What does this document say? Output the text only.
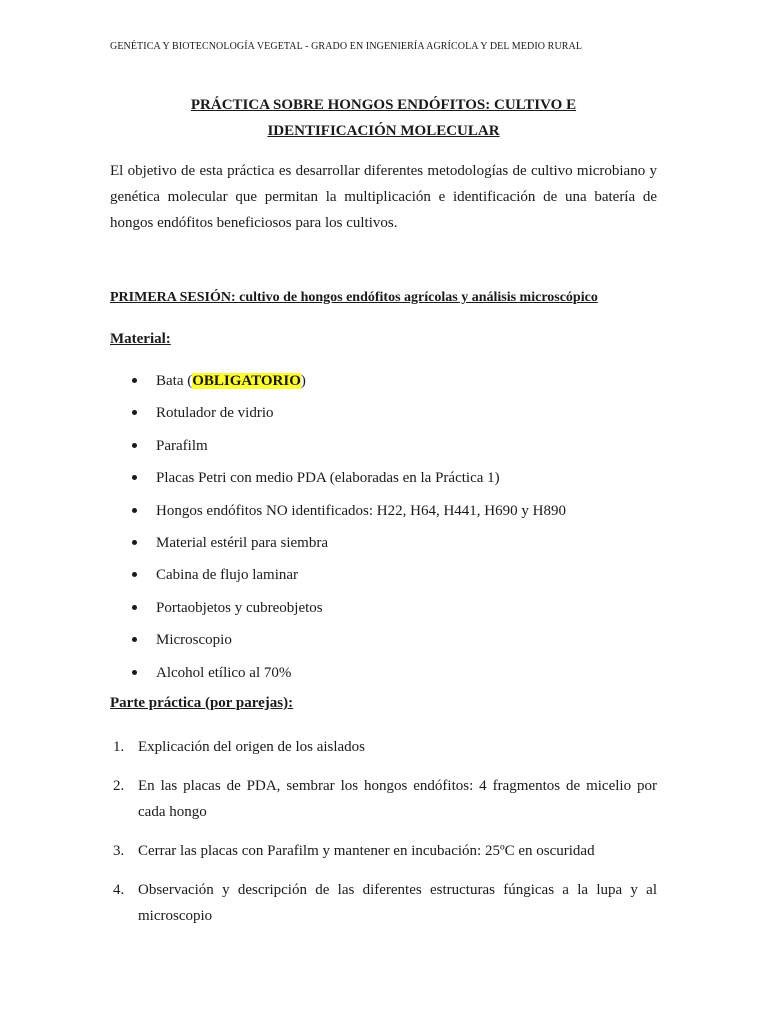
GENÉTICA Y BIOTECNOLOGÍA VEGETAL - GRADO EN INGENIERÍA AGRÍCOLA Y DEL MEDIO RURAL
PRÁCTICA SOBRE HONGOS ENDÓFITOS: CULTIVO E
IDENTIFICACIÓN MOLECULAR
El objetivo de esta práctica es desarrollar diferentes metodologías de cultivo microbiano y genética molecular que permitan la multiplicación e identificación de una batería de hongos endófitos beneficiosos para los cultivos.
PRIMERA SESIÓN: cultivo de hongos endófitos agrícolas y análisis microscópico
Material:
Bata (OBLIGATORIO)
Rotulador de vidrio
Parafilm
Placas Petri con medio PDA (elaboradas en la Práctica 1)
Hongos endófitos NO identificados: H22, H64, H441, H690 y H890
Material estéril para siembra
Cabina de flujo laminar
Portaobjetos y cubreobjetos
Microscopio
Alcohol etílico al 70%
Parte práctica (por parejas):
1. Explicación del origen de los aislados
2. En las placas de PDA, sembrar los hongos endófitos: 4 fragmentos de micelio por cada hongo
3. Cerrar las placas con Parafilm y mantener en incubación: 25ºC en oscuridad
4. Observación y descripción de las diferentes estructuras fúngicas a la lupa y al microscopio
